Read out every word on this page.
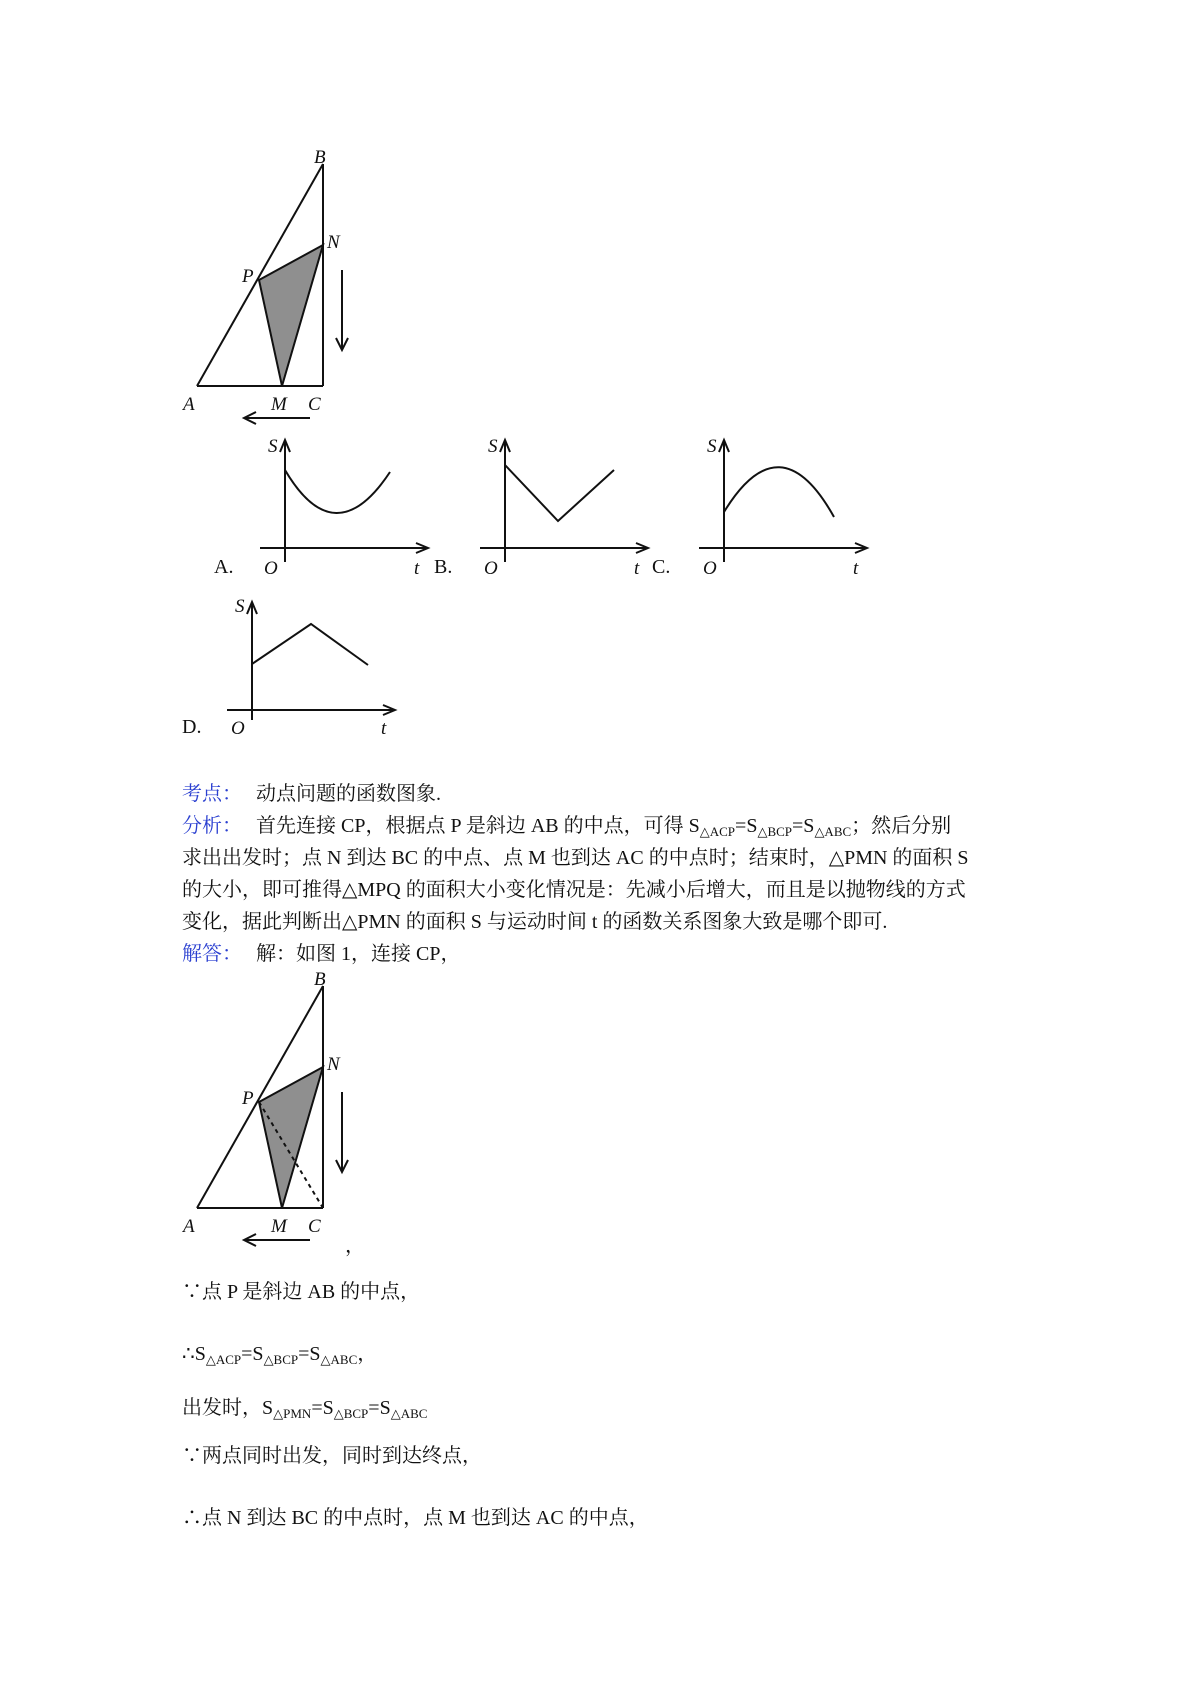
B
N
P
A	M C
S
O	t
S
O	t
S
O	t
S
O	t
A.	B.	C.
D.
考点： 动点问题的函数图象.
分析： 首先连接 CP，根据点 P 是斜边 AB 的中点，可得 $S_{\triangle ACP}=S_{\triangle BCP}=S_{\triangle ABC}$；然后分别
求出出发时；点 N 到达 BC 的中点、点 M 也到达 AC 的中点时；结束时，△PMN 的面积 S
的大小，即可推得△MPQ 的面积大小变化情况是：先减小后增大，而且是以抛物线的方式
变化，据此判断出△PMN 的面积 S 与运动时间 t 的函数关系图象大致是哪个即可.
解答： 解：如图 1，连接 CP，
B
N
P
A	M C
，
∵点 P 是斜边 AB 的中点，
$\therefore S_{\triangle ACP}=S_{\triangle BCP}=S_{\triangle ABC}$，
出发时，$S_{\triangle PMN}=S_{\triangle BCP}=S_{\triangle ABC}$
∵两点同时出发，同时到达终点，
∴点 N 到达 BC 的中点时，点 M 也到达 AC 的中点，
